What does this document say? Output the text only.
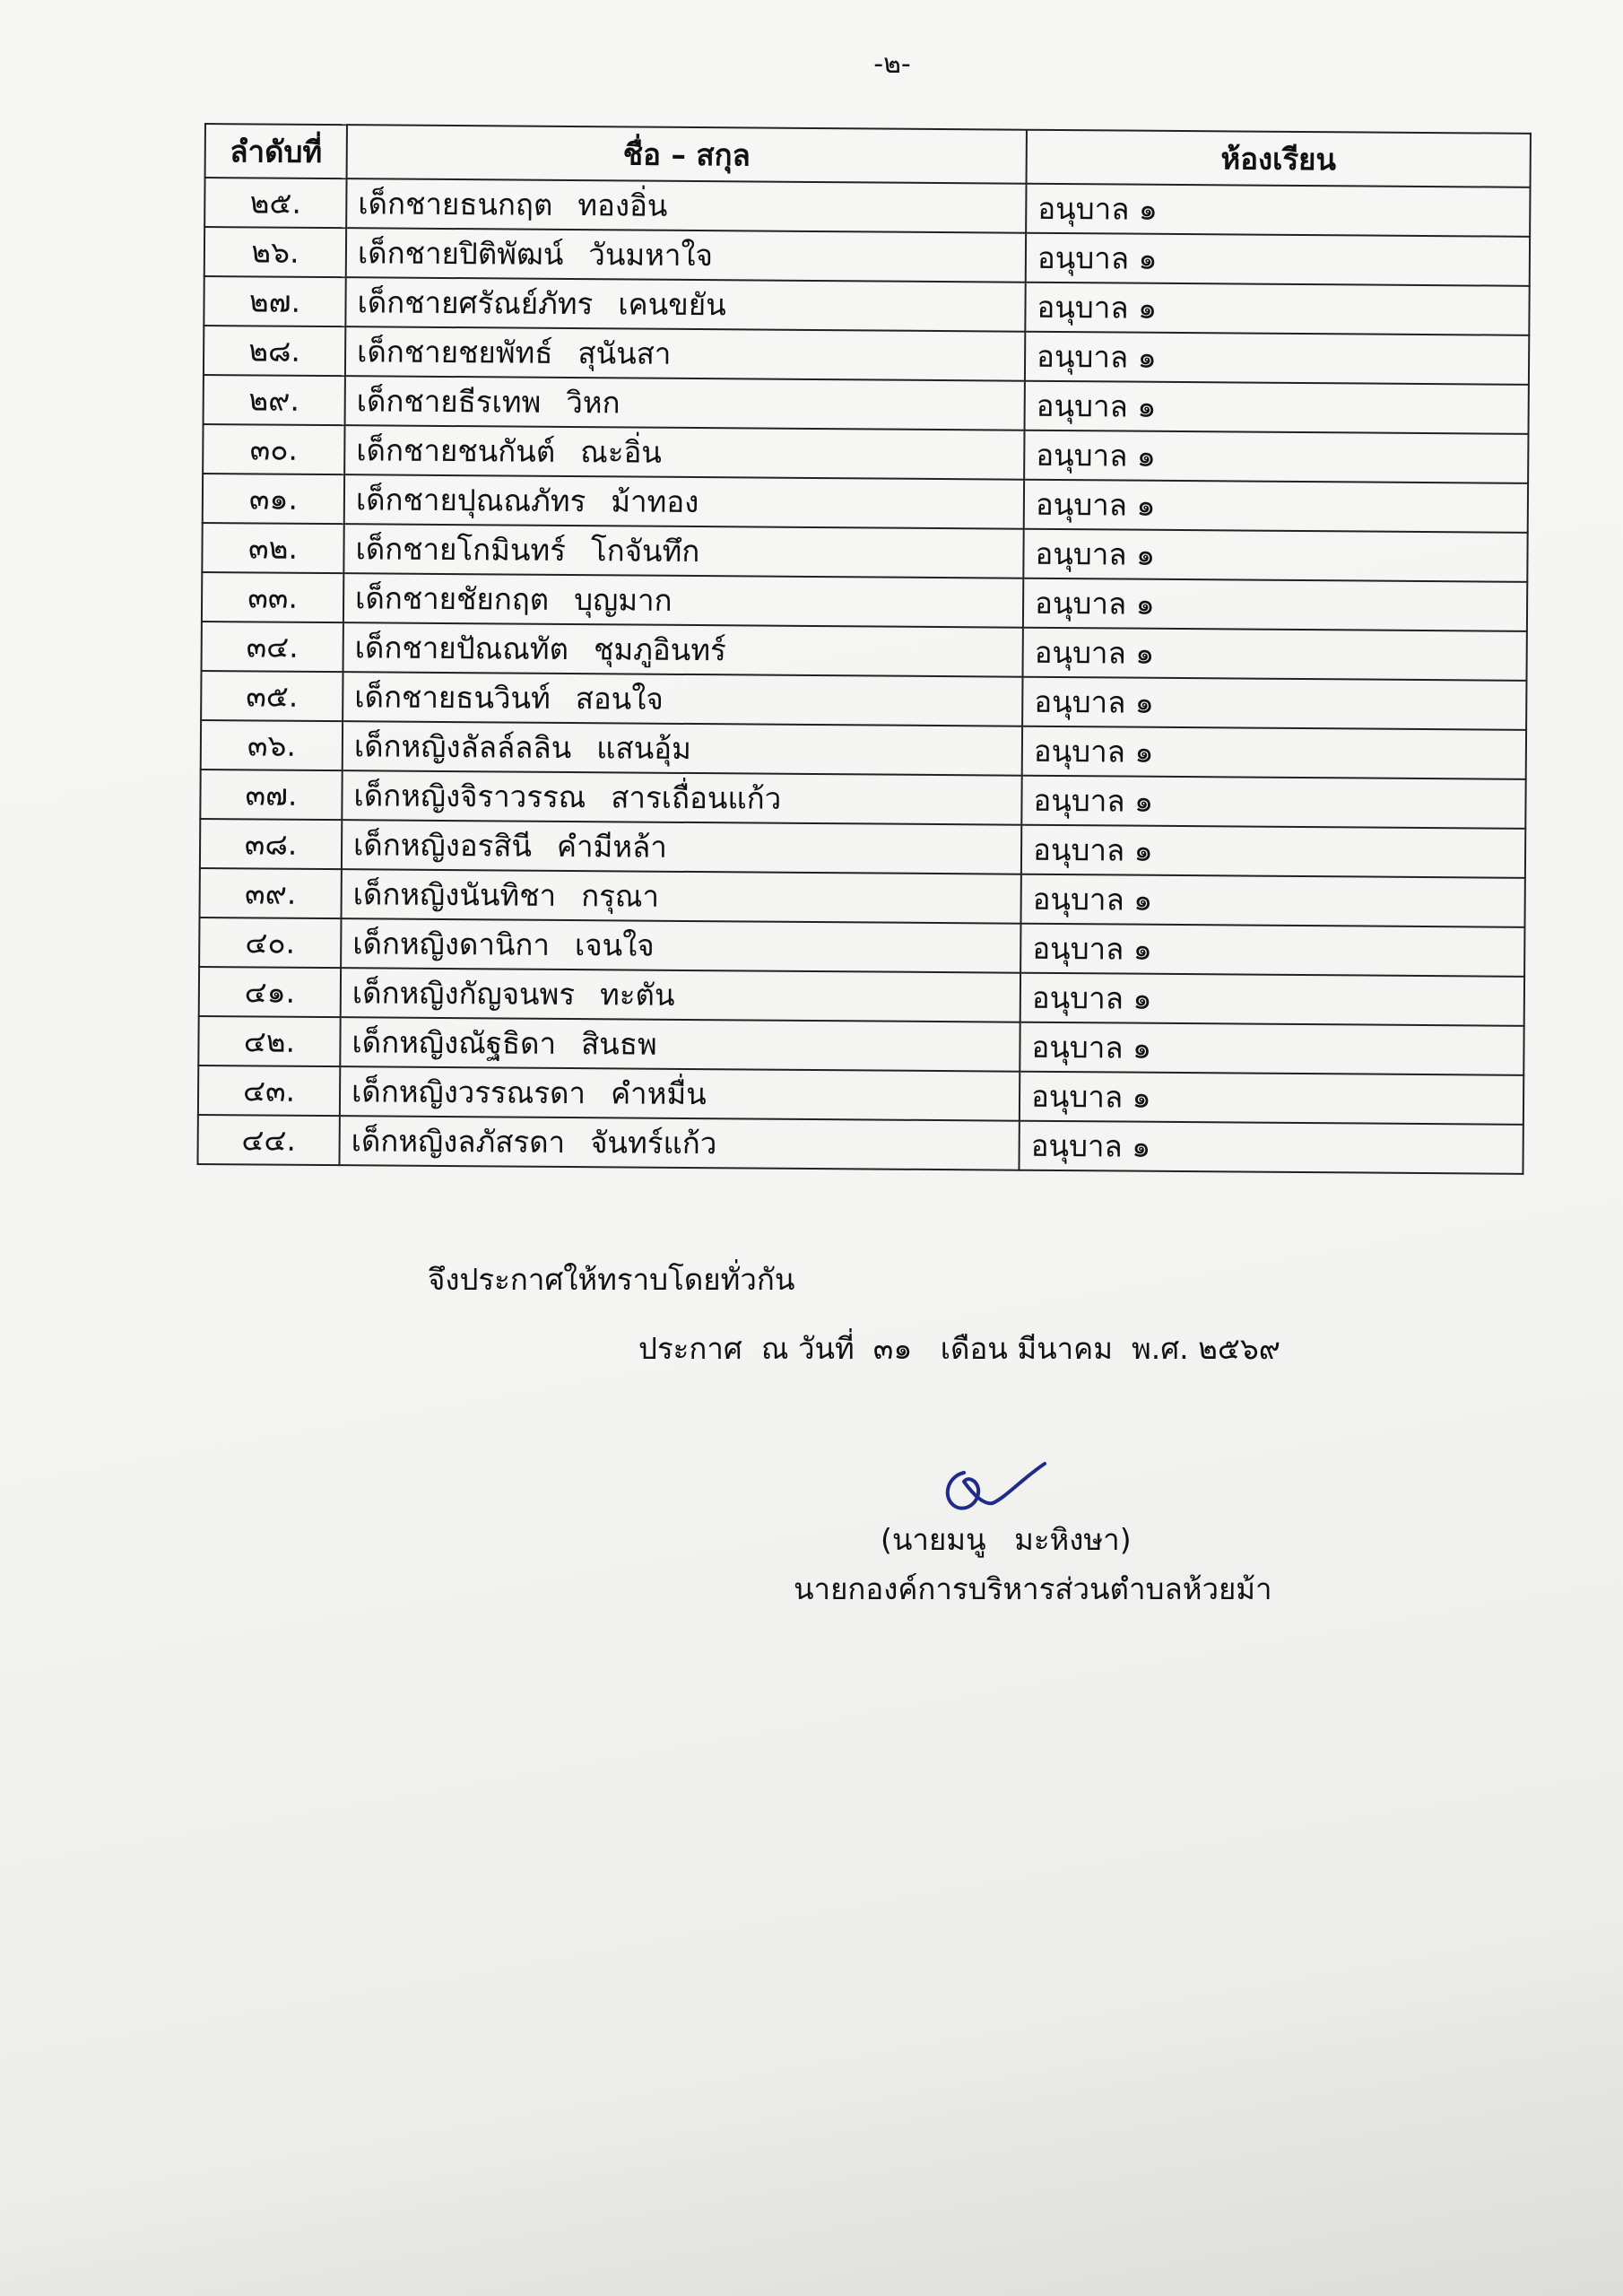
-๒-
ลำดับที่	ชื่อ – สกุล	ห้องเรียน
๒๕.	เด็กชายธนกฤต ทองอิ่น	อนุบาล ๑
๒๖.	เด็กชายปิติพัฒน์ วันมหาใจ	อนุบาล ๑
๒๗.	เด็กชายศรัณย์ภัทร เคนขยัน	อนุบาล ๑
๒๘.	เด็กชายชยพัทธ์ สุนันสา	อนุบาล ๑
๒๙.	เด็กชายธีรเทพ วิหก	อนุบาล ๑
๓๐.	เด็กชายชนกันต์ ณะอิ่น	อนุบาล ๑
๓๑.	เด็กชายปุณณภัทร ม้าทอง	อนุบาล ๑
๓๒.	เด็กชายโกมินทร์ โกจันทึก	อนุบาล ๑
๓๓.	เด็กชายชัยกฤต บุญมาก	อนุบาล ๑
๓๔.	เด็กชายปัณณทัต ชุมภูอินทร์	อนุบาล ๑
๓๕.	เด็กชายธนวินท์ สอนใจ	อนุบาล ๑
๓๖.	เด็กหญิงลัลล์ลลิน แสนอุ้ม	อนุบาล ๑
๓๗.	เด็กหญิงจิราวรรณ สารเถื่อนแก้ว	อนุบาล ๑
๓๘.	เด็กหญิงอรสินี คำมีหล้า	อนุบาล ๑
๓๙.	เด็กหญิงนันทิชา กรุณา	อนุบาล ๑
๔๐.	เด็กหญิงดานิกา เจนใจ	อนุบาล ๑
๔๑.	เด็กหญิงกัญจนพร ทะตัน	อนุบาล ๑
๔๒.	เด็กหญิงณัฐธิดา สินธพ	อนุบาล ๑
๔๓.	เด็กหญิงวรรณรดา คำหมื่น	อนุบาล ๑
๔๔.	เด็กหญิงลภัสรดา จันทร์แก้ว	อนุบาล ๑

จึงประกาศให้ทราบโดยทั่วกัน

ประกาศ  ณ วันที่  ๓๑   เดือน มีนาคม  พ.ศ. ๒๕๖๙

(นายมนู   มะหิงษา)

นายกองค์การบริหารส่วนตำบลห้วยม้า
